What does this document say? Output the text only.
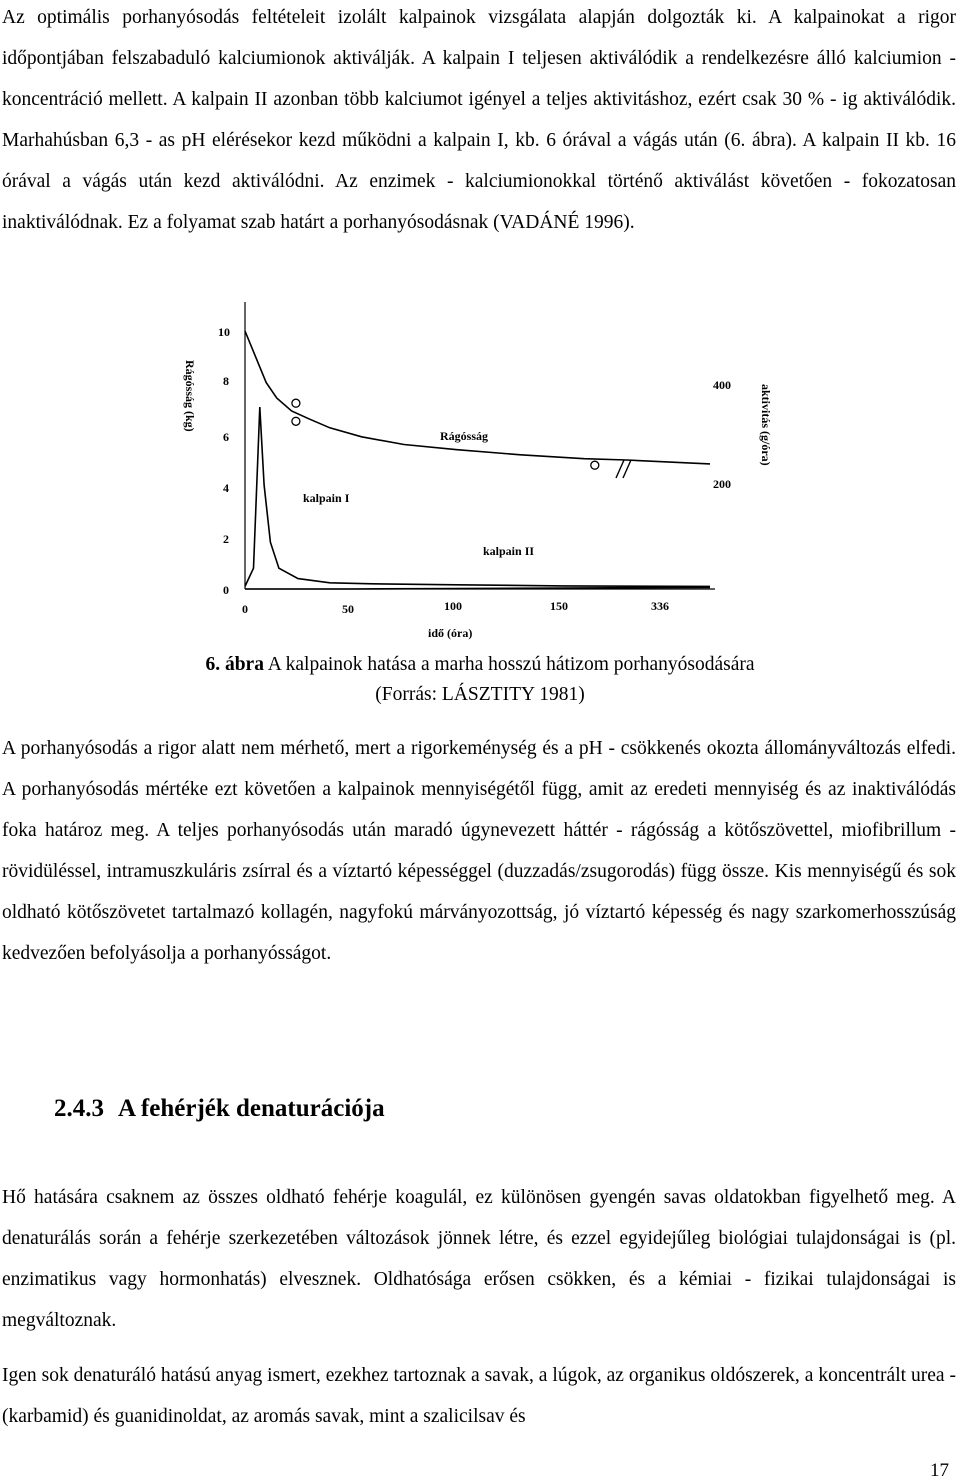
Az optimális porhanyósodás feltételeit izolált kalpainok vizsgálata alapján dolgozták ki. A kalpainokat a rigor időpontjában felszabaduló kalciumionok aktiválják. A kalpain I teljesen aktiválódik a rendelkezésre álló kalciumion - koncentráció mellett. A kalpain II azonban több kalciumot igényel a teljes aktivitáshoz, ezért csak 30 % - ig aktiválódik. Marhahúsban 6,3 - as pH elérésekor kezd működni a kalpain I, kb. 6 órával a vágás után (6. ábra). A kalpain II kb. 16 órával a vágás után kezd aktiválódni. Az enzimek - kalciumionokkal történő aktiválást követően - fokozatosan inaktiválódnak. Ez a folyamat szab határt a porhanyósodásnak (VADÁNÉ 1996).

10
8
6
4
2
0
Rágósság (kg)	400
200
aktivitás (g/óra)
0	50	100	150	336
idő (óra)
Rágósság
kalpain I
kalpain II
6. ábra A kalpainok hatása a marha hosszú hátizom porhanyósodására
(Forrás: LÁSZTITY 1981)

A porhanyósodás a rigor alatt nem mérhető, mert a rigorkeménység és a pH - csökkenés okozta állományváltozás elfedi. A porhanyósodás mértéke ezt követően a kalpainok mennyiségétől függ, amit az eredeti mennyiség és az inaktiválódás foka határoz meg. A teljes porhanyósodás után maradó úgynevezett háttér - rágósság a kötőszövettel, miofibrillum - rövidüléssel, intramuszkuláris zsírral és a víztartó képességgel (duzzadás/zsugorodás) függ össze. Kis mennyiségű és sok oldható kötőszövetet tartalmazó kollagén, nagyfokú márványozottság, jó víztartó képesség és nagy szarkomerhosszúság kedvezően befolyásolja a porhanyósságot.

2.4.3 A fehérjék denaturációja

Hő hatására csaknem az összes oldható fehérje koagulál, ez különösen gyengén savas oldatokban figyelhető meg. A denaturálás során a fehérje szerkezetében változások jönnek létre, és ezzel egyidejűleg biológiai tulajdonságai is (pl. enzimatikus vagy hormonhatás) elvesznek. Oldhatósága erősen csökken, és a kémiai - fizikai tulajdonságai is megváltoznak.

Igen sok denaturáló hatású anyag ismert, ezekhez tartoznak a savak, a lúgok, az organikus oldószerek, a koncentrált urea - (karbamid) és guanidinoldat, az aromás savak, mint a szalicilsav és

17
